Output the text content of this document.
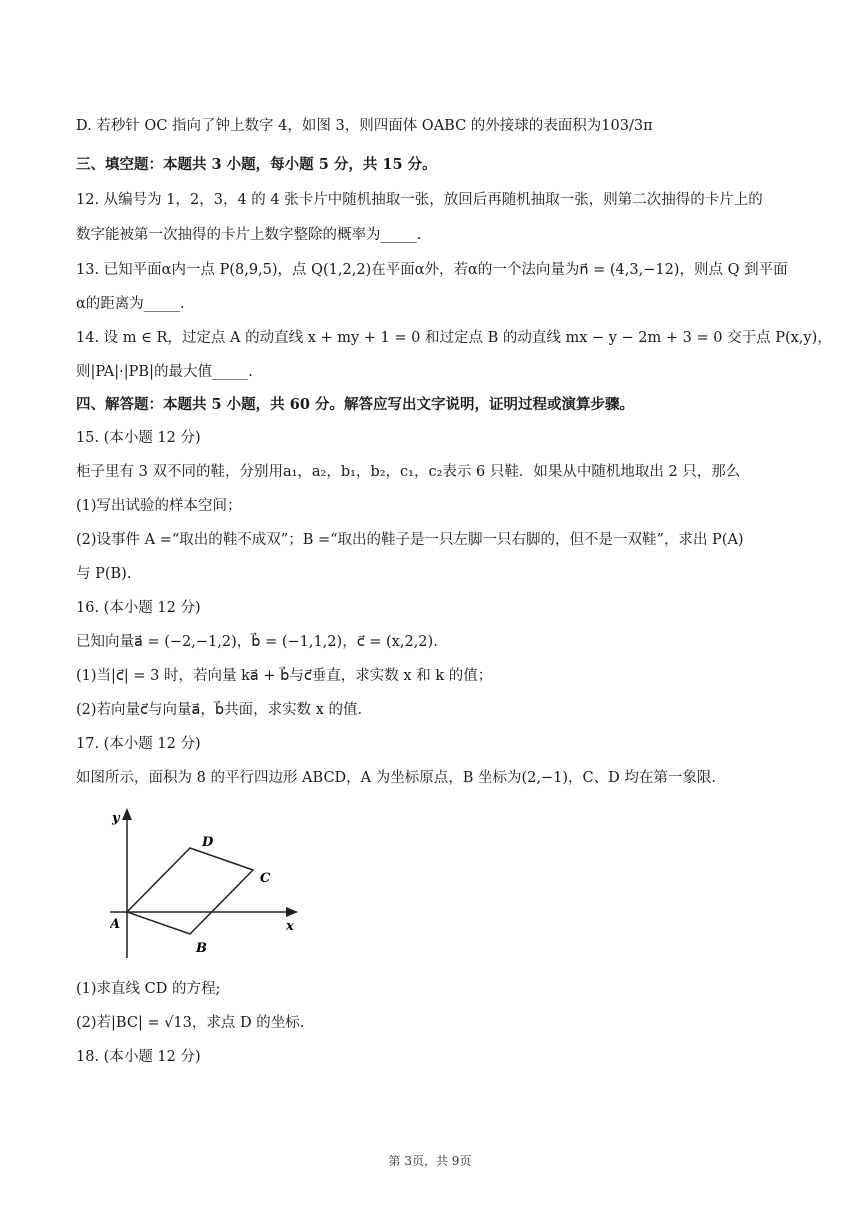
D. 若秒针 OC 指向了钟上数字 4，如图 3，则四面体 OABC 的外接球的表面积为103/3π
三、填空题：本题共 3 小题，每小题 5 分，共 15 分。
12. 从编号为 1，2，3，4 的 4 张卡片中随机抽取一张，放回后再随机抽取一张，则第二次抽得的卡片上的
数字能被第一次抽得的卡片上数字整除的概率为_____.
13. 已知平面α内一点 P(8,9,5)，点 Q(1,2,2)在平面α外，若α的一个法向量为n⃗ = (4,3,−12)，则点 Q 到平面
α的距离为_____.
14. 设 m ∈ R，过定点 A 的动直线 x + my + 1 = 0 和过定点 B 的动直线 mx − y − 2m + 3 = 0 交于点 P(x,y)，
则|PA|·|PB|的最大值_____.
四、解答题：本题共 5 小题，共 60 分。解答应写出文字说明，证明过程或演算步骤。
15. (本小题 12 分)
柜子里有 3 双不同的鞋，分别用a₁，a₂，b₁，b₂，c₁，c₂表示 6 只鞋．如果从中随机地取出 2 只，那么
(1)写出试验的样本空间；
(2)设事件 A =“取出的鞋不成双”；B =“取出的鞋子是一只左脚一只右脚的，但不是一双鞋”，求出 P(A)
与 P(B).
16. (本小题 12 分)
已知向量a⃗ = (−2,−1,2)，b⃗ = (−1,1,2)，c⃗ = (x,2,2).
(1)当|c⃗| = 3 时，若向量 ka⃗ + b⃗与c⃗垂直，求实数 x 和 k 的值；
(2)若向量c⃗与向量a⃗，b⃗共面，求实数 x 的值.
17. (本小题 12 分)
如图所示，面积为 8 的平行四边形 ABCD，A 为坐标原点，B 坐标为(2,−1)，C、D 均在第一象限.
y
x
A
B
C
D
(1)求直线 CD 的方程;
(2)若|BC| = √13，求点 D 的坐标.
18. (本小题 12 分)
第 3页，共 9页
